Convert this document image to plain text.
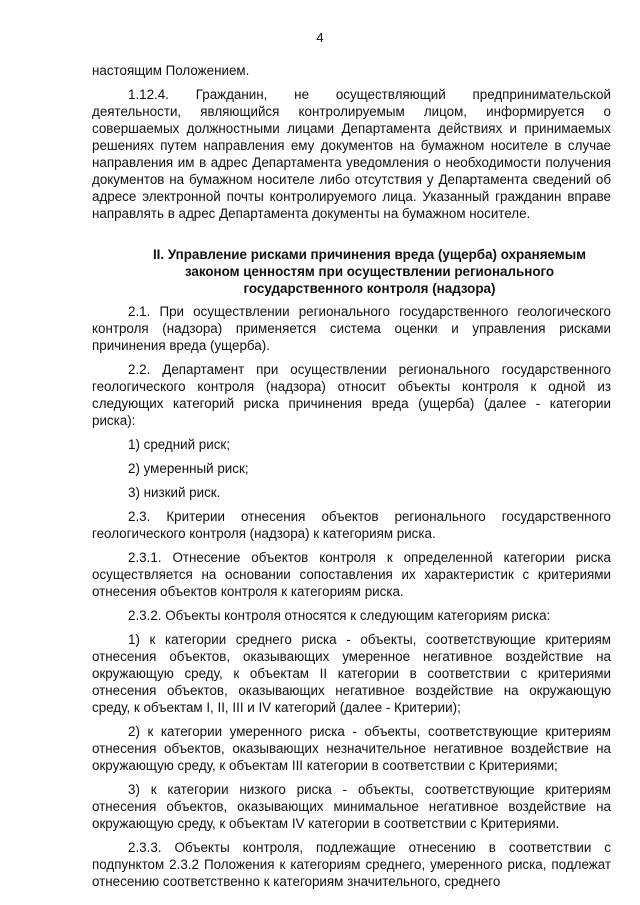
4

настоящим Положением.

1.12.4. Гражданин, не осуществляющий предпринимательской деятельности, являющийся контролируемым лицом, информируется о совершаемых должностными лицами Департамента действиях и принимаемых решениях путем направления ему документов на бумажном носителе в случае направления им в адрес Департамента уведомления о необходимости получения документов на бумажном носителе либо отсутствия у Департамента сведений об адресе электронной почты контролируемого лица. Указанный гражданин вправе направлять в адрес Департамента документы на бумажном носителе.

II. Управление рисками причинения вреда (ущерба) охраняемым законом ценностям при осуществлении регионального государственного контроля (надзора)

2.1. При осуществлении регионального государственного геологического контроля (надзора) применяется система оценки и управления рисками причинения вреда (ущерба).

2.2. Департамент при осуществлении регионального государственного геологического контроля (надзора) относит объекты контроля к одной из следующих категорий риска причинения вреда (ущерба) (далее - категории риска):

1) средний риск;

2) умеренный риск;

3) низкий риск.

2.3. Критерии отнесения объектов регионального государственного геологического контроля (надзора) к категориям риска.

2.3.1. Отнесение объектов контроля к определенной категории риска осуществляется на основании сопоставления их характеристик с критериями отнесения объектов контроля к категориям риска.

2.3.2. Объекты контроля относятся к следующим категориям риска:

1) к категории среднего риска - объекты, соответствующие критериям отнесения объектов, оказывающих умеренное негативное воздействие на окружающую среду, к объектам II категории в соответствии с критериями отнесения объектов, оказывающих негативное воздействие на окружающую среду, к объектам I, II, III и IV категорий (далее - Критерии);

2) к категории умеренного риска - объекты, соответствующие критериям отнесения объектов, оказывающих незначительное негативное воздействие на окружающую среду, к объектам III категории в соответствии с Критериями;

3) к категории низкого риска - объекты, соответствующие критериям отнесения объектов, оказывающих минимальное негативное воздействие на окружающую среду, к объектам IV категории в соответствии с Критериями.

2.3.3. Объекты контроля, подлежащие отнесению в соответствии с подпунктом 2.3.2 Положения к категориям среднего, умеренного риска, подлежат отнесению соответственно к категориям значительного, среднего
